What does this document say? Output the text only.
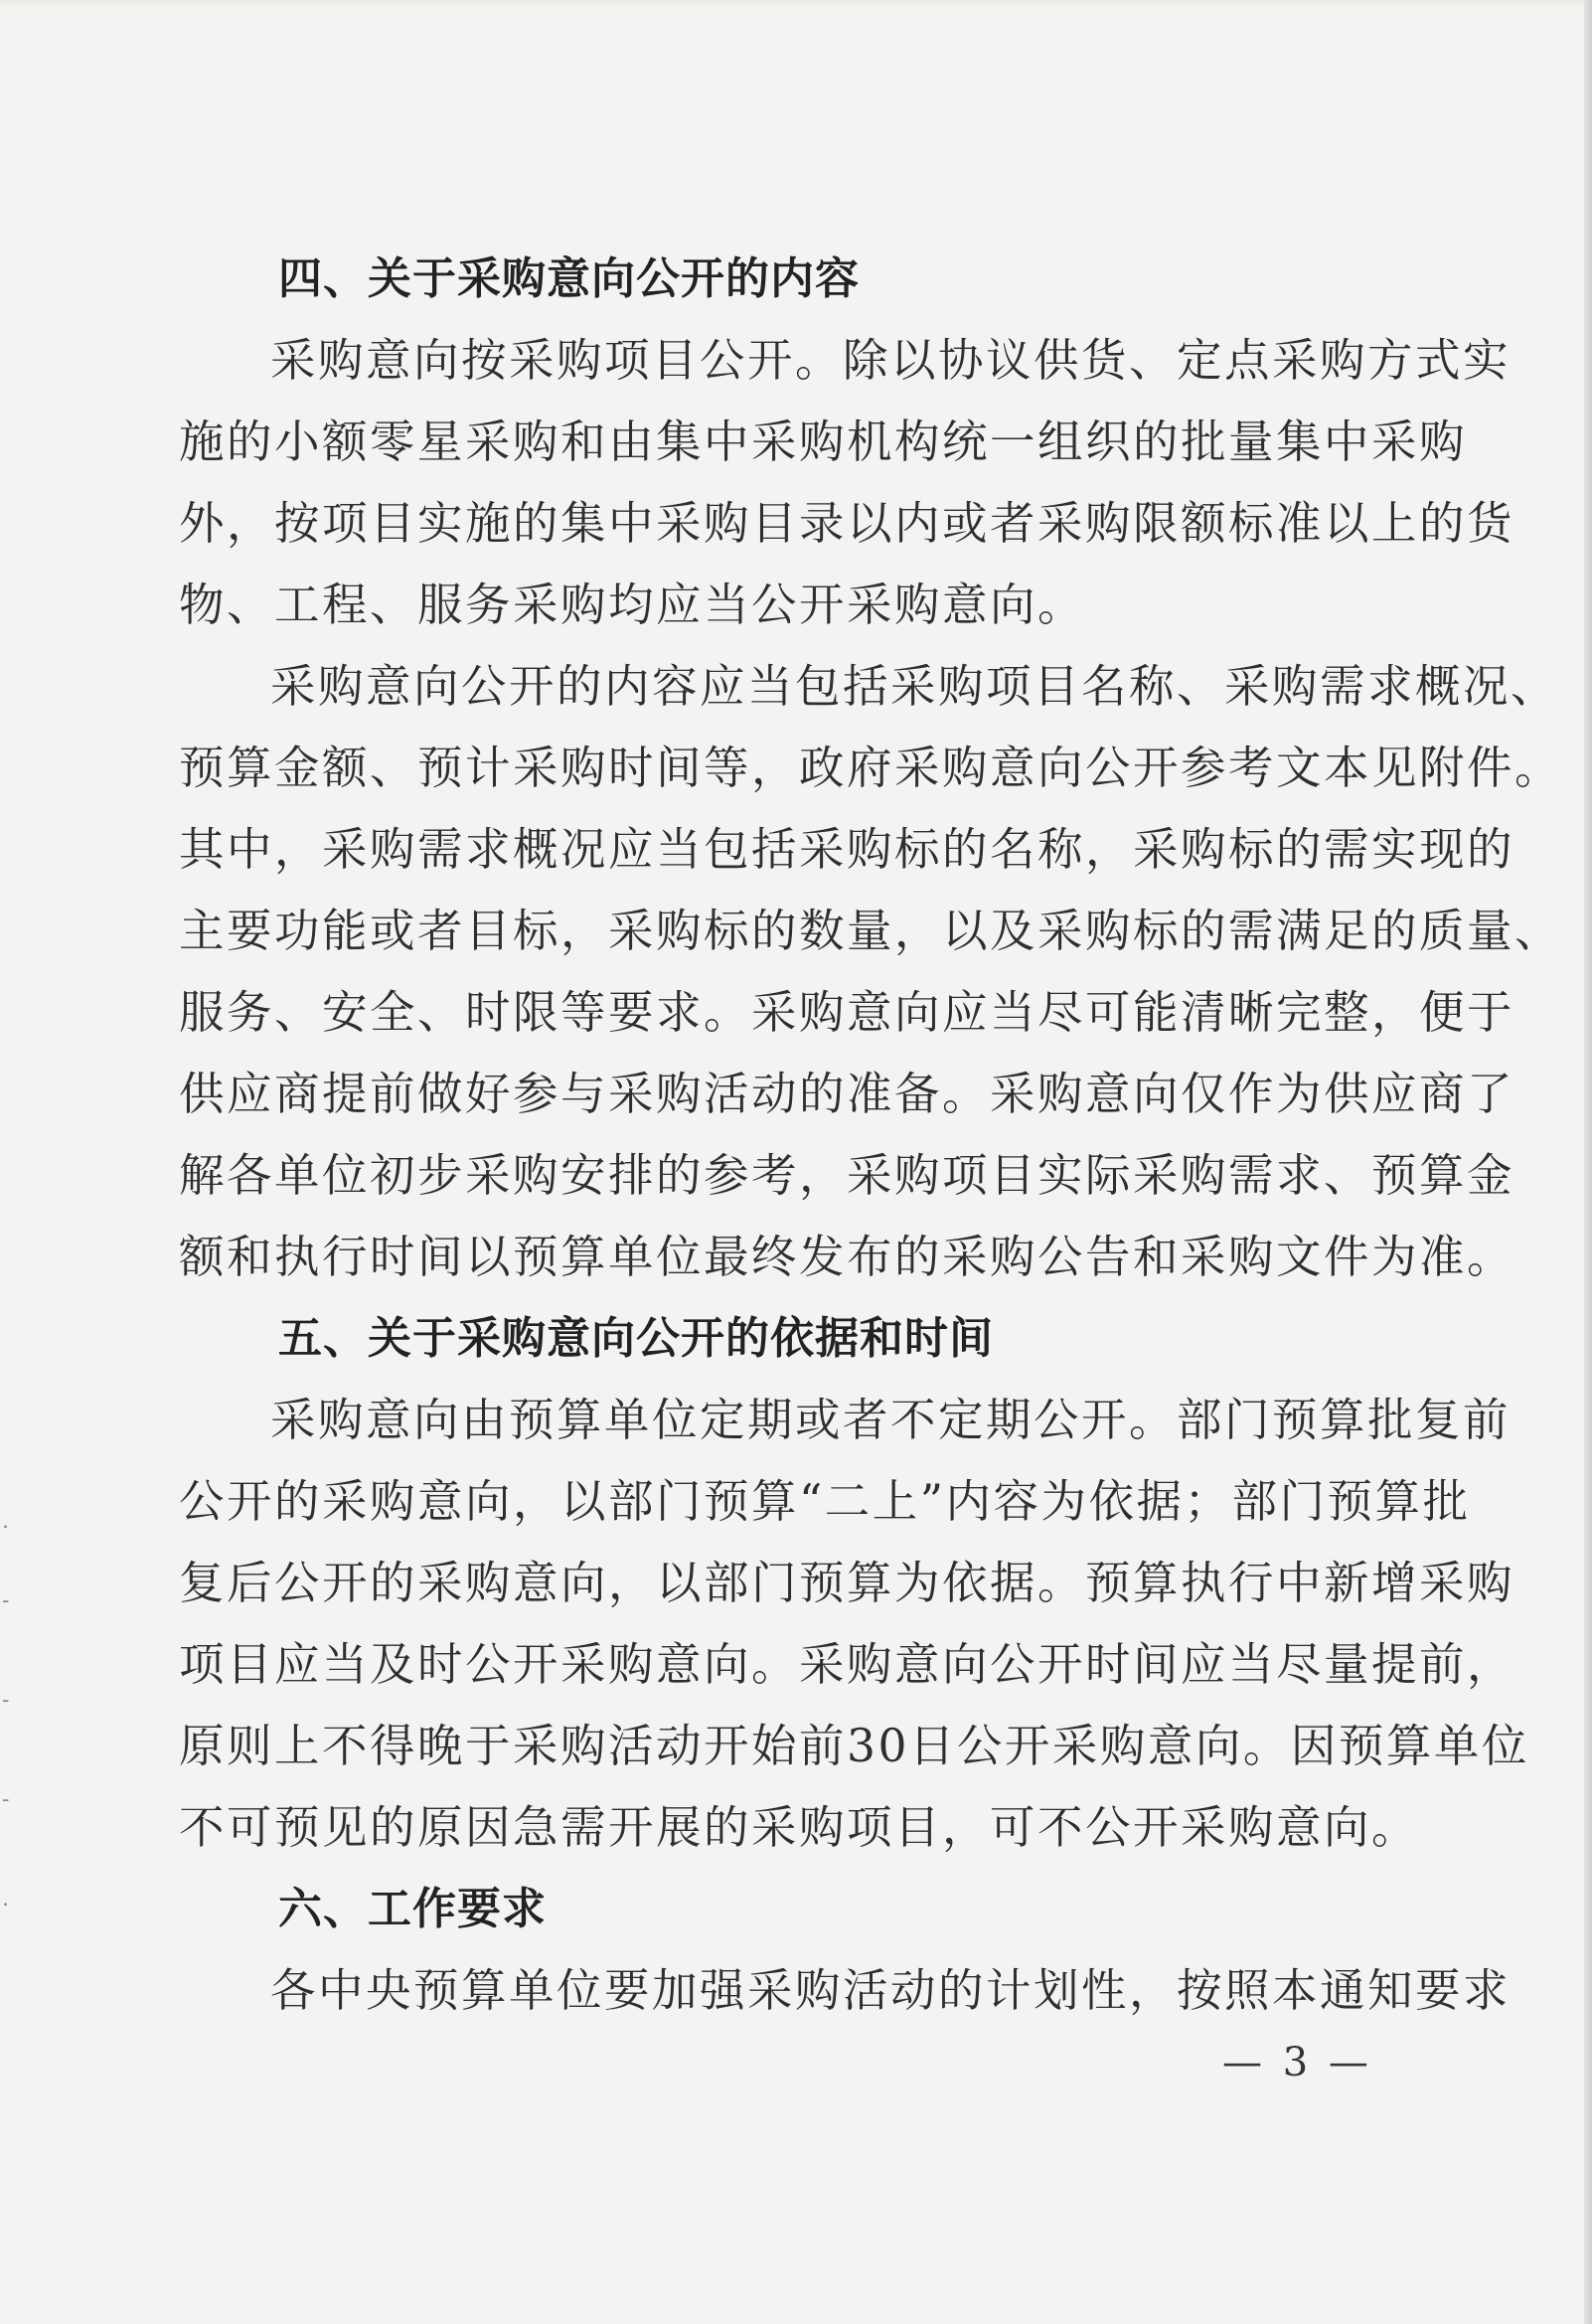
.
-
-
-
.

四、关于采购意向公开的内容

采购意向按采购项目公开。除以协议供货、定点采购方式实

施的小额零星采购和由集中采购机构统一组织的批量集中采购

外，按项目实施的集中采购目录以内或者采购限额标准以上的货

物、工程、服务采购均应当公开采购意向。

采购意向公开的内容应当包括采购项目名称、采购需求概况、

预算金额、预计采购时间等，政府采购意向公开参考文本见附件。

其中，采购需求概况应当包括采购标的名称，采购标的需实现的

主要功能或者目标，采购标的数量，以及采购标的需满足的质量、

服务、安全、时限等要求。采购意向应当尽可能清晰完整，便于

供应商提前做好参与采购活动的准备。采购意向仅作为供应商了

解各单位初步采购安排的参考，采购项目实际采购需求、预算金

额和执行时间以预算单位最终发布的采购公告和采购文件为准。

五、关于采购意向公开的依据和时间

采购意向由预算单位定期或者不定期公开。部门预算批复前

公开的采购意向，以部门预算“二上”内容为依据；部门预算批

复后公开的采购意向，以部门预算为依据。预算执行中新增采购

项目应当及时公开采购意向。采购意向公开时间应当尽量提前，

原则上不得晚于采购活动开始前30日公开采购意向。因预算单位

不可预见的原因急需开展的采购项目，可不公开采购意向。

六、工作要求

各中央预算单位要加强采购活动的计划性，按照本通知要求

— 3 —
